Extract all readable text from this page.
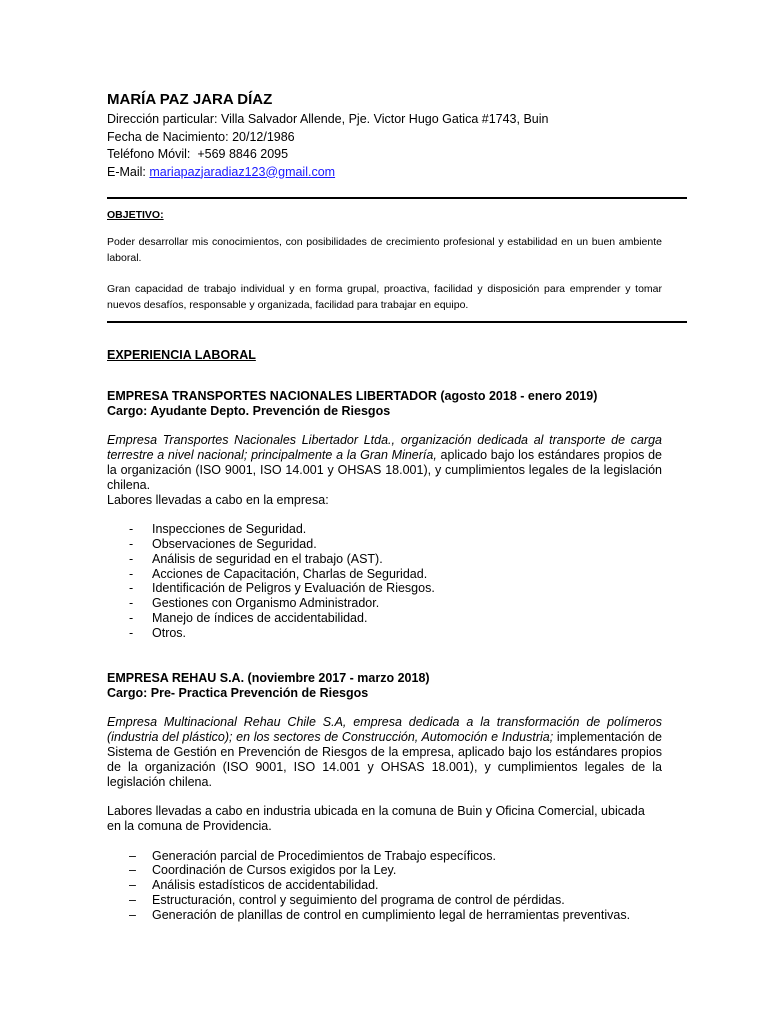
MARÍA PAZ JARA DÍAZ
Dirección particular: Villa Salvador Allende, Pje. Victor Hugo Gatica #1743, Buin
Fecha de Nacimiento: 20/12/1986
Teléfono Móvil:  +569 8846 2095
E-Mail: mariapazjaradiaz123@gmail.com
OBJETIVO:
Poder desarrollar mis conocimientos, con posibilidades de crecimiento profesional y estabilidad en un buen ambiente laboral.
Gran capacidad de trabajo individual y en forma grupal, proactiva, facilidad y disposición para emprender y tomar nuevos desafíos, responsable y organizada, facilidad para trabajar en equipo.
EXPERIENCIA LABORAL
EMPRESA TRANSPORTES NACIONALES LIBERTADOR (agosto 2018 - enero 2019)
Cargo: Ayudante Depto. Prevención de Riesgos

Empresa Transportes Nacionales Libertador Ltda., organización dedicada al transporte de carga terrestre a nivel nacional; principalmente a la Gran Minería, aplicado bajo los estándares propios de la organización (ISO 9001, ISO 14.001 y OHSAS 18.001), y cumplimientos legales de la legislación chilena.

Labores llevadas a cabo en la empresa:

- Inspecciones de Seguridad.
- Observaciones de Seguridad.
- Análisis de seguridad en el trabajo (AST).
- Acciones de Capacitación, Charlas de Seguridad.
- Identificación de Peligros y Evaluación de Riesgos.
- Gestiones con Organismo Administrador.
- Manejo de índices de accidentabilidad.
- Otros.
EMPRESA REHAU S.A. (noviembre 2017 - marzo 2018)
Cargo: Pre- Practica Prevención de Riesgos

Empresa Multinacional Rehau Chile S.A, empresa dedicada a la transformación de polímeros (industria del plástico); en los sectores de Construcción, Automoción e Industria; implementación de Sistema de Gestión en Prevención de Riesgos de la empresa, aplicado bajo los estándares propios de la organización (ISO 9001, ISO 14.001 y OHSAS 18.001), y cumplimientos legales de la legislación chilena.

Labores llevadas a cabo en industria ubicada en la comuna de Buin y Oficina Comercial, ubicada en la comuna de Providencia.

– Generación parcial de Procedimientos de Trabajo específicos.
– Coordinación de Cursos exigidos por la Ley.
– Análisis estadísticos de accidentabilidad.
– Estructuración, control y seguimiento del programa de control de pérdidas.
– Generación de planillas de control en cumplimiento legal de herramientas preventivas.
